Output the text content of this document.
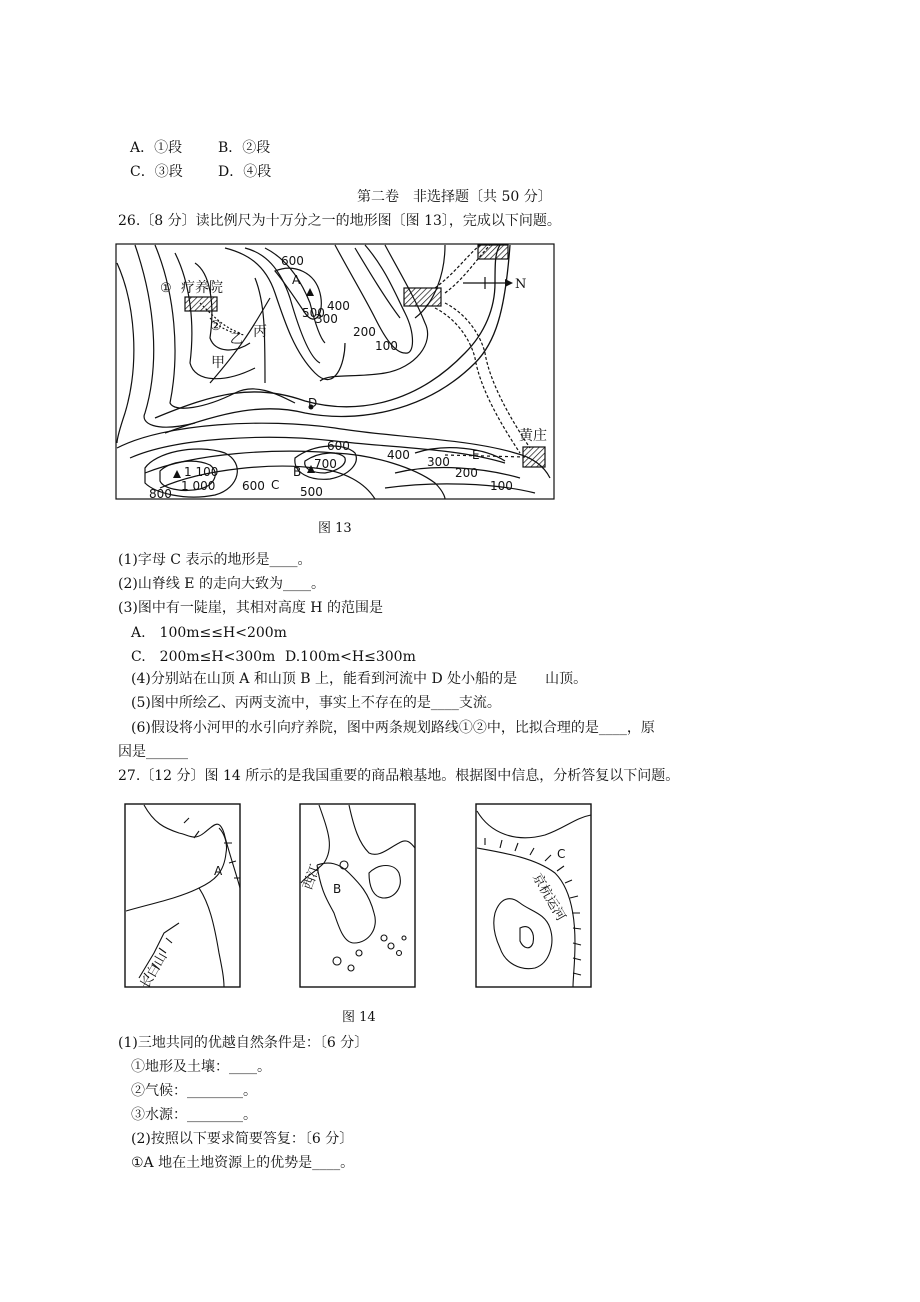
A．①段	B．②段
C．③段	D．④段
第二卷　非选择题〔共 50 分〕
26.〔8 分〕读比例尺为十万分之一的地形图〔图 13〕，完成以下问题。
N
① 疗养院
②
乙 丙
甲
A
D
B
C
E
黄庄
600
500 400
300
200
100
600
700
400 300
200
100
1 100
1 000
800
600	500
图 13
(1)字母 C 表示的地形是____。
(2)山脊线 E 的走向大致为____。
(3)图中有一陡崖，其相对高度 H 的范围是
A.　100m≤≤H<200m
C.　200m≤H<300m D.100m<H≤300m
(4)分别站在山顶 A 和山顶 B 上，能看到河流中 D 处小船的是　　山顶。
(5)图中所绘乙、丙两支流中，事实上不存在的是____支流。
(6)假设将小河甲的水引向疗养院，图中两条规划路线①②中，比拟合理的是____，原
因是______
27.〔12 分〕图 14 所示的是我国重要的商品粮基地。根据图中信息，分析答复以下问题。
A
长白山
B
西江
C
京杭运河
图 14
(1)三地共同的优越自然条件是：〔6 分〕
①地形及土壤：____。
②气候：________。
③水源：________。
(2)按照以下要求简要答复：〔6 分〕
①A 地在土地资源上的优势是____。
